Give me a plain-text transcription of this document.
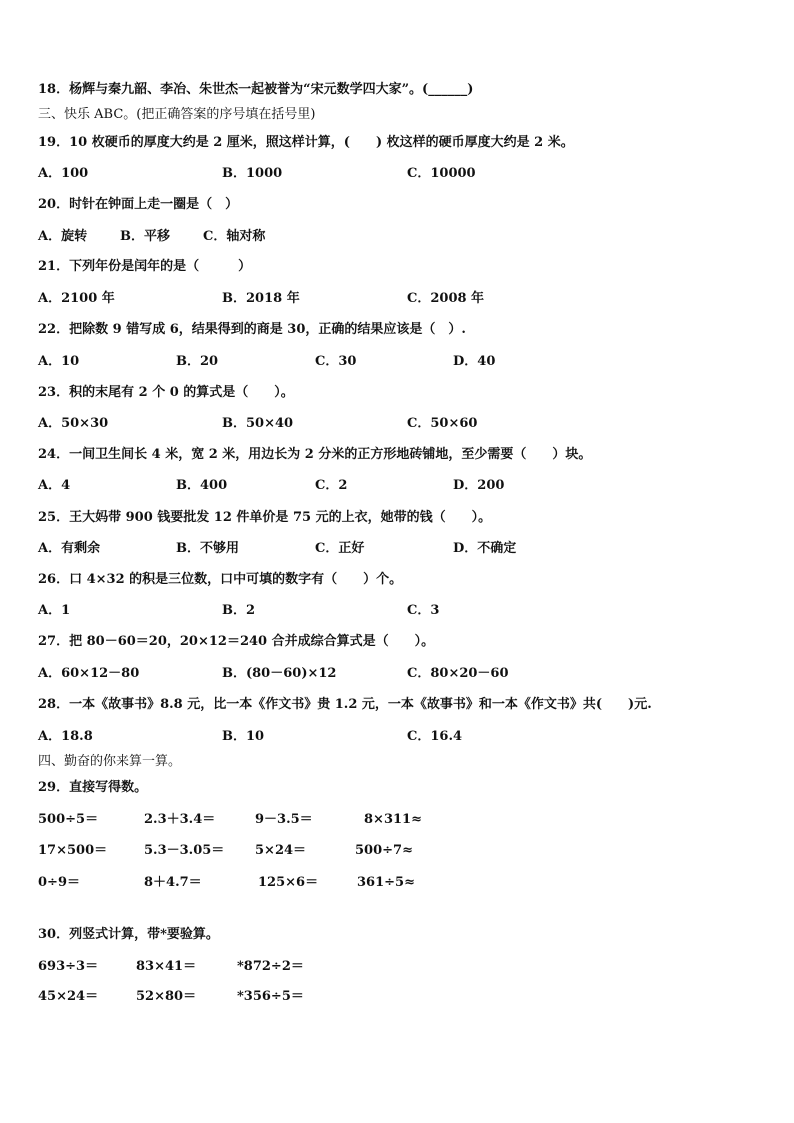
18．杨辉与秦九韶、李冶、朱世杰一起被誉为“宋元数学四大家”。(______)
三、快乐 ABC。(把正确答案的序号填在括号里)
19．10 枚硬币的厚度大约是 2 厘米，照这样计算，(　　) 枚这样的硬币厚度大约是 2 米。
A．100	B．1000	C．10000
20．时针在钟面上走一圈是（　）
A．旋转	B．平移	C．轴对称
21．下列年份是闰年的是（　　　）
A．2100 年	B．2018 年	C．2008 年
22．把除数 9 错写成 6，结果得到的商是 30，正确的结果应该是（　）.
A．10	B．20	C．30	D．40
23．积的末尾有 2 个 0 的算式是（　　）。
A．50×30	B．50×40	C．50×60
24．一间卫生间长 4 米，宽 2 米，用边长为 2 分米的正方形地砖铺地，至少需要（　　）块。
A．4	B．400	C．2	D．200
25．王大妈带 900 钱要批发 12 件单价是 75 元的上衣，她带的钱（　　）。
A．有剩余	B．不够用	C．正好	D．不确定
26．口 4×32 的积是三位数，口中可填的数字有（　　）个。
A．1	B．2	C．3
27．把 80－60＝20，20×12＝240 合并成综合算式是（　　）。
A．60×12－80	B．(80－60)×12	C．80×20－60
28．一本《故事书》8.8 元，比一本《作文书》贵 1.2 元，一本《故事书》和一本《作文书》共(　　)元.
A．18.8	B．10	C．16.4
四、勤奋的你来算一算。
29．直接写得数。
500÷5＝	2.3＋3.4＝	9－3.5＝	8×311≈
17×500＝	5.3－3.05＝ 5×24＝	500÷7≈
0÷9＝	8＋4.7＝	125×6＝	361÷5≈
30．列竖式计算，带*要验算。
693÷3＝	83×41＝	*872÷2＝
45×24＝	52×80＝	*356÷5＝
